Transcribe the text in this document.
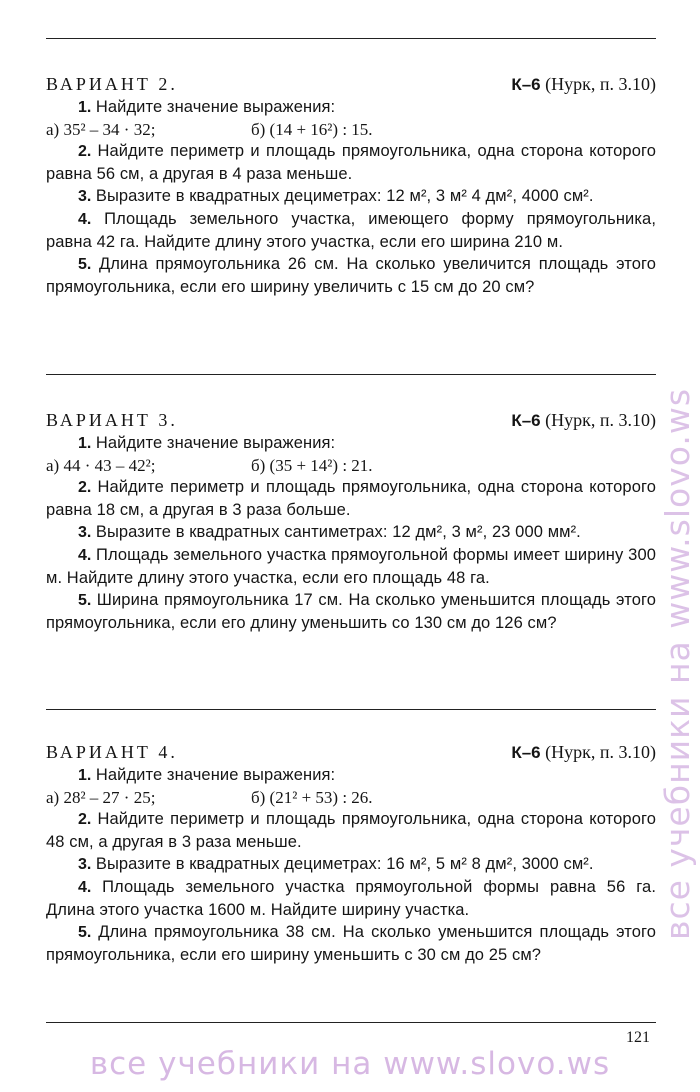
ВАРИАНТ 2.	К–6 (Нурк, п. 3.10)
1. Найдите значение выражения:
а) 35² – 34 · 32;	б) (14 + 16²) : 15.
2. Найдите периметр и площадь прямоугольника, одна сторона которого равна 56 см, а другая в 4 раза меньше.
3. Выразите в квадратных дециметрах: 12 м², 3 м² 4 дм², 4000 см².
4. Площадь земельного участка, имеющего форму прямоугольника, равна 42 га. Найдите длину этого участка, если его ширина 210 м.
5. Длина прямоугольника 26 см. На сколько увеличится площадь этого прямоугольника, если его ширину увеличить с 15 см до 20 см?
ВАРИАНТ 3.	К–6 (Нурк, п. 3.10)
1. Найдите значение выражения:
а) 44 · 43 – 42²;	б) (35 + 14²) : 21.
2. Найдите периметр и площадь прямоугольника, одна сторона которого равна 18 см, а другая в 3 раза больше.
3. Выразите в квадратных сантиметрах: 12 дм², 3 м², 23 000 мм².
4. Площадь земельного участка прямоугольной формы имеет ширину 300 м. Найдите длину этого участка, если его площадь 48 га.
5. Ширина прямоугольника 17 см. На сколько уменьшится площадь этого прямоугольника, если его длину уменьшить со 130 см до 126 см?
ВАРИАНТ 4.	К–6 (Нурк, п. 3.10)
1. Найдите значение выражения:
а) 28² – 27 · 25;	б) (21² + 53) : 26.
2. Найдите периметр и площадь прямоугольника, одна сторона которого 48 см, а другая в 3 раза меньше.
3. Выразите в квадратных дециметрах: 16 м², 5 м² 8 дм², 3000 см².
4. Площадь земельного участка прямоугольной формы равна 56 га. Длина этого участка 1600 м. Найдите ширину участка.
5. Длина прямоугольника 38 см. На сколько уменьшится площадь этого прямоугольника, если его ширину уменьшить с 30 см до 25 см?
121
все учебники на www.slovo.ws
все учебники на www.slovo.ws
